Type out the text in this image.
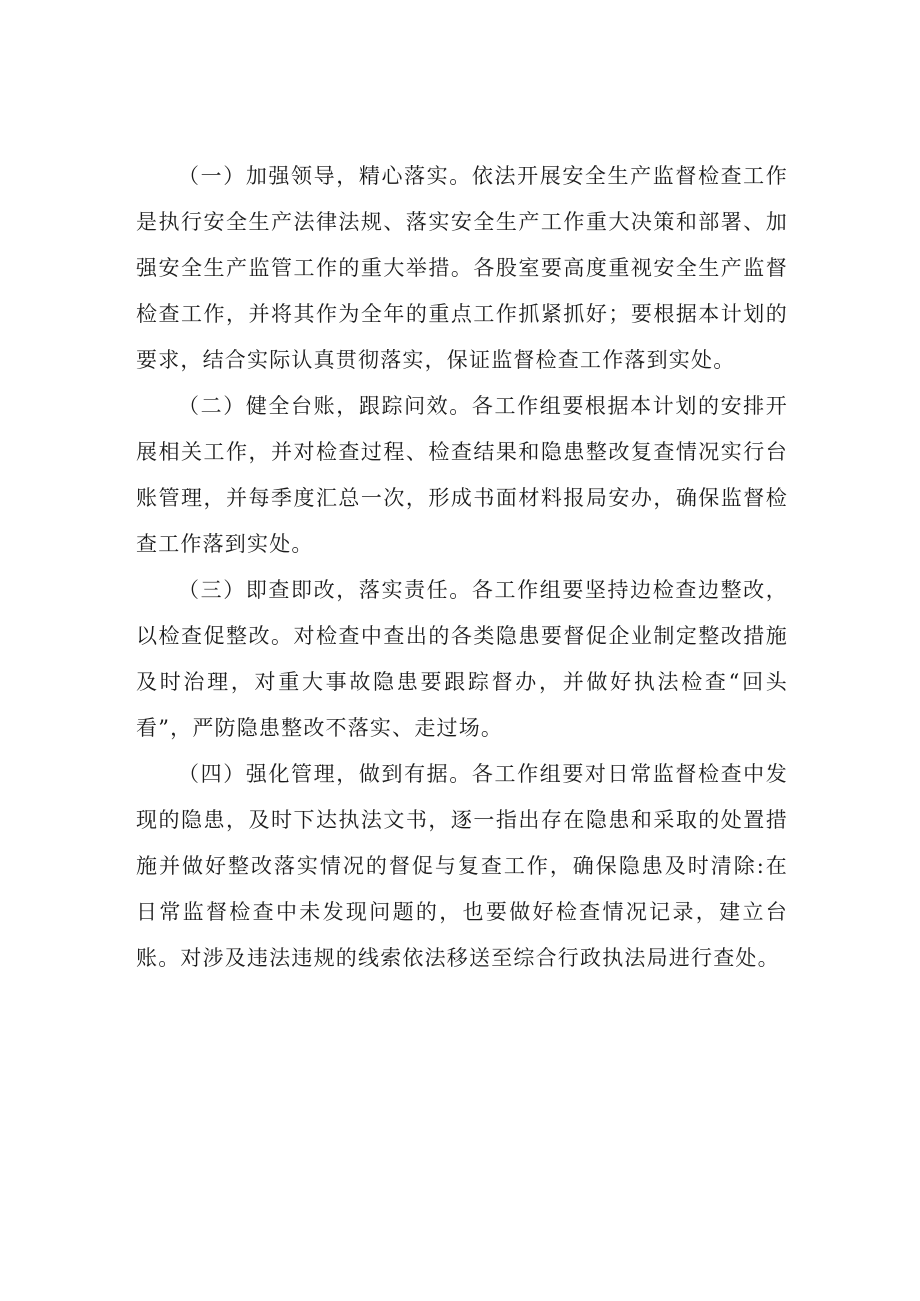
（一）加强领导，精心落实。依法开展安全生产监督检查工作是执行安全生产法律法规、落实安全生产工作重大决策和部署、加强安全生产监管工作的重大举措。各股室要高度重视安全生产监督检查工作，并将其作为全年的重点工作抓紧抓好；要根据本计划的要求，结合实际认真贯彻落实，保证监督检查工作落到实处。

（二）健全台账，跟踪问效。各工作组要根据本计划的安排开展相关工作，并对检查过程、检查结果和隐患整改复查情况实行台账管理，并每季度汇总一次，形成书面材料报局安办，确保监督检查工作落到实处。

（三）即查即改，落实责任。各工作组要坚持边检查边整改，以检查促整改。对检查中查出的各类隐患要督促企业制定整改措施及时治理，对重大事故隐患要跟踪督办，并做好执法检查“回头看”，严防隐患整改不落实、走过场。

（四）强化管理，做到有据。各工作组要对日常监督检查中发现的隐患，及时下达执法文书，逐一指出存在隐患和采取的处置措施并做好整改落实情况的督促与复查工作，确保隐患及时清除:在日常监督检查中未发现问题的，也要做好检查情况记录，建立台账。对涉及违法违规的线索依法移送至综合行政执法局进行查处。
